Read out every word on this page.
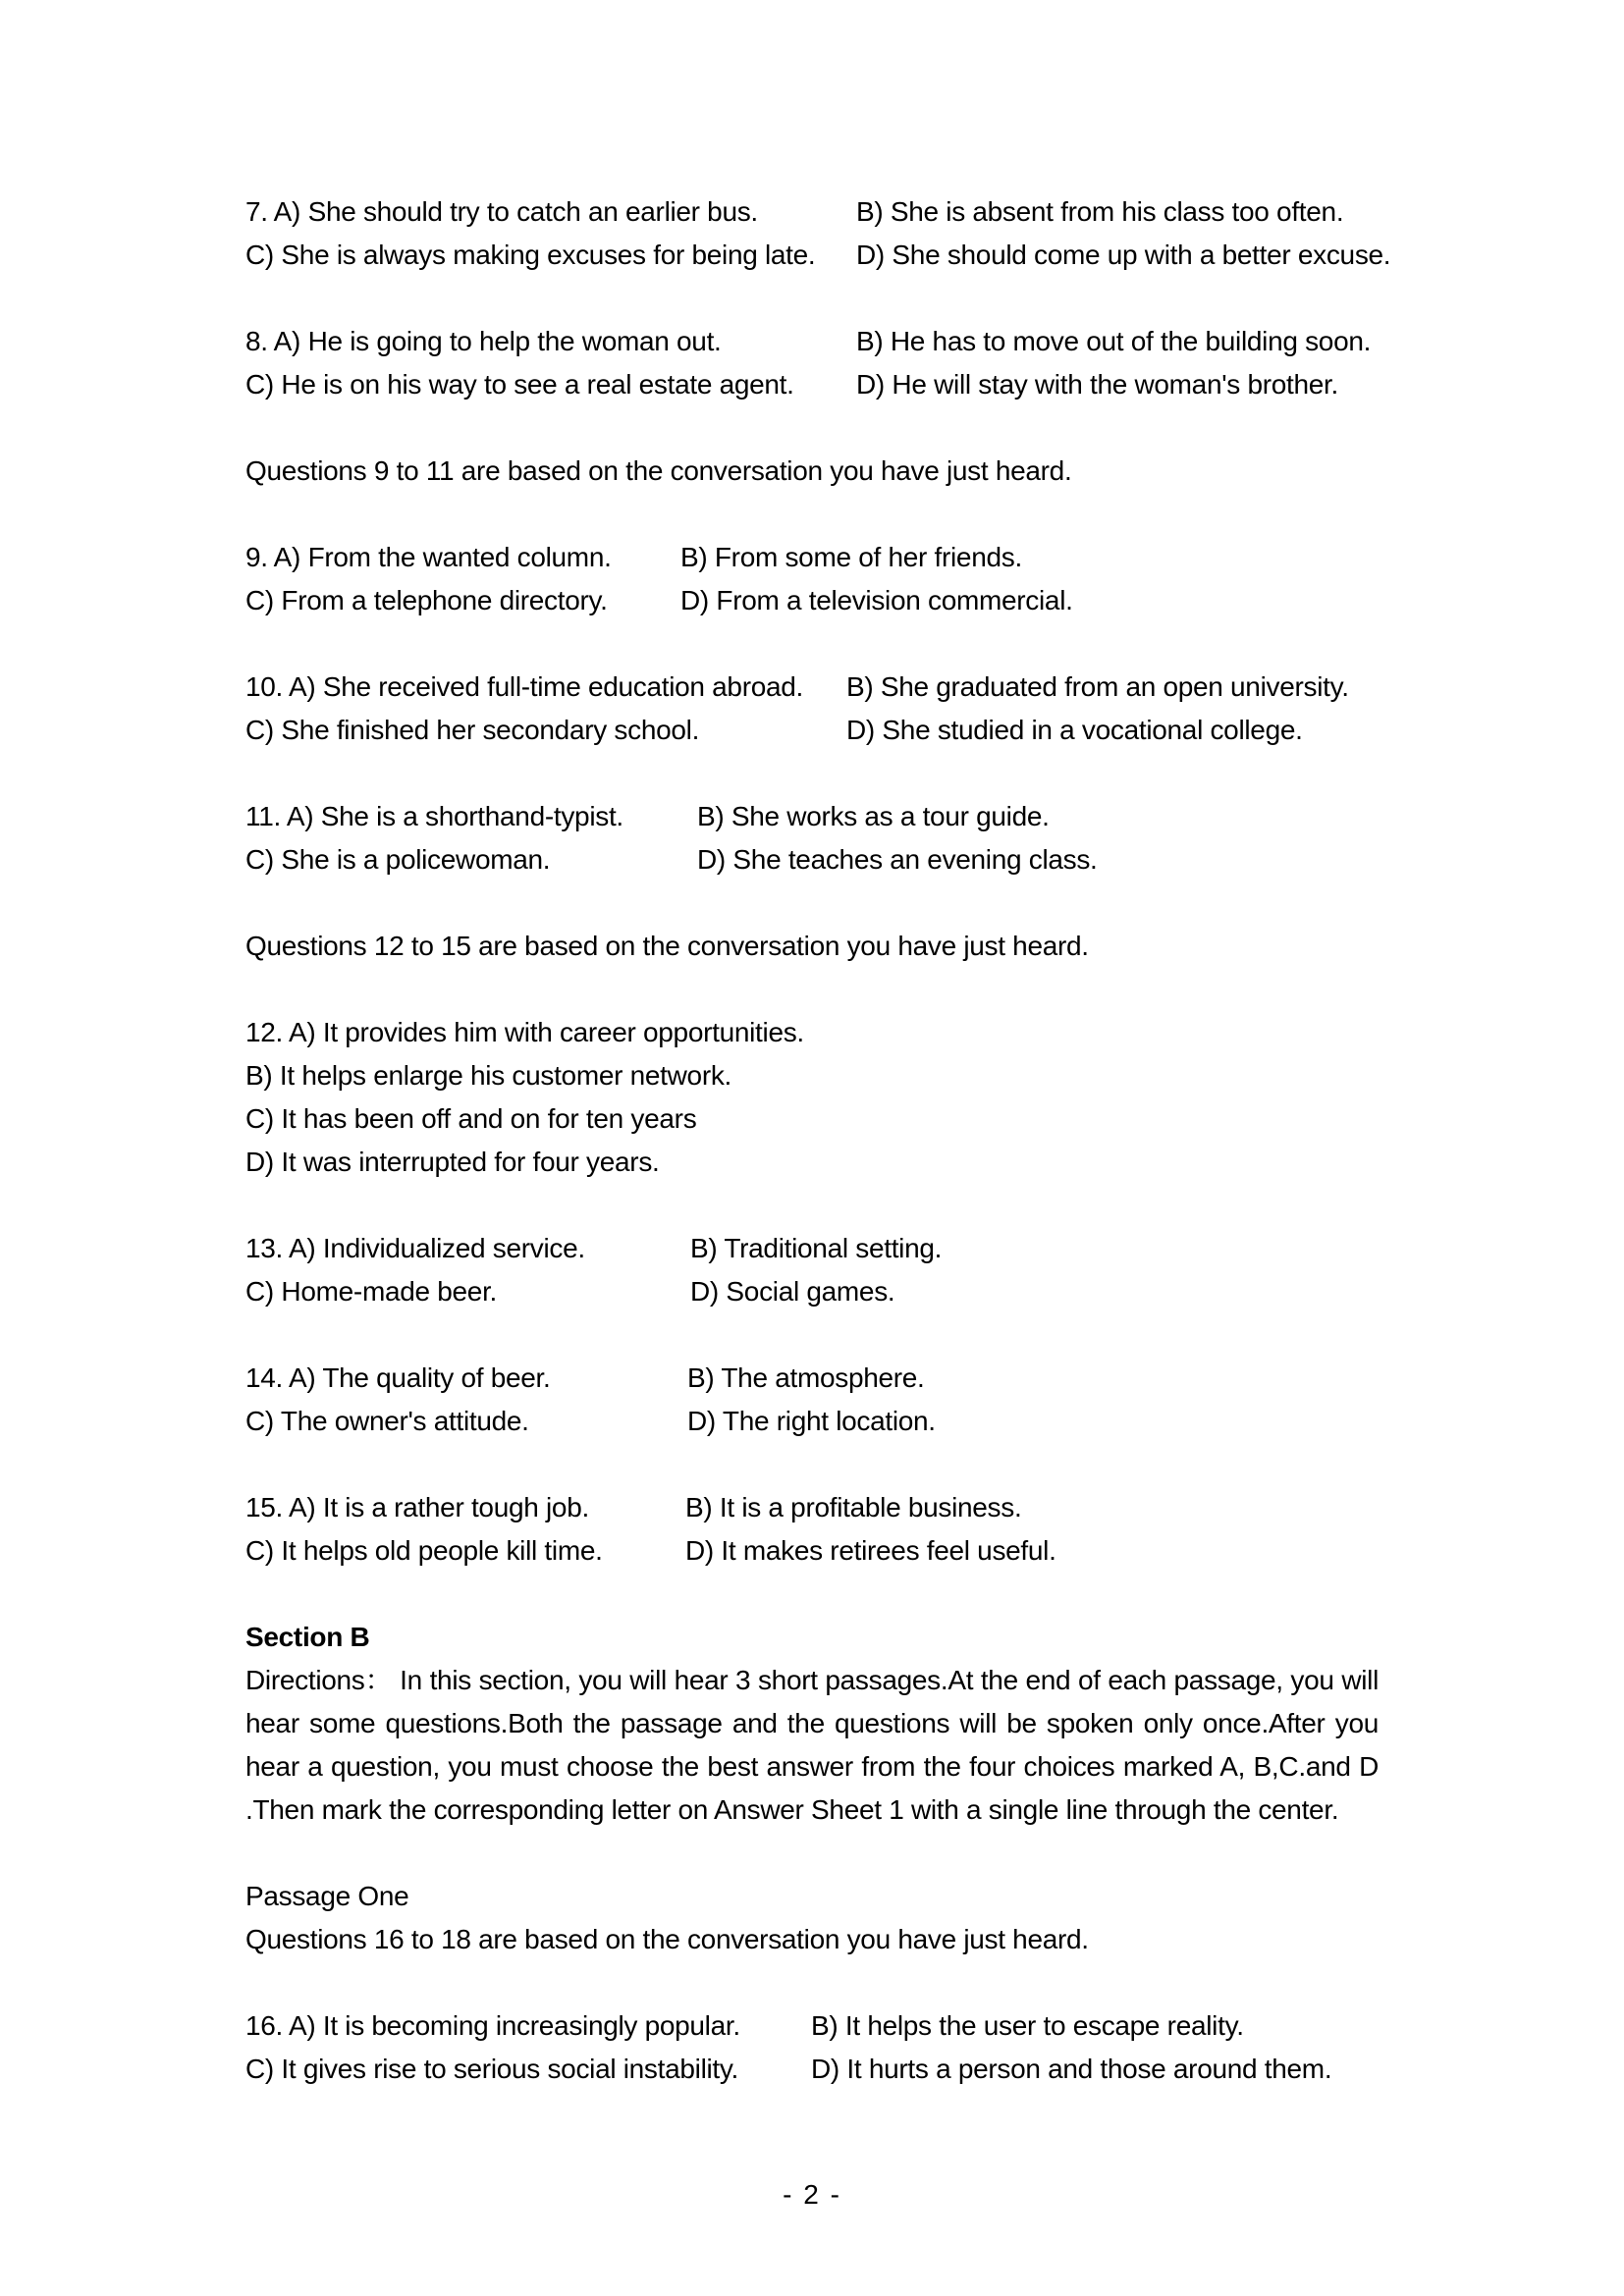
7. A) She should try to catch an earlier bus.	B) She is absent from his class too often.
C) She is always making excuses for being late.	D) She should come up with a better excuse.
8. A) He is going to help the woman out.	B) He has to move out of the building soon.
C) He is on his way to see a real estate agent.	D) He will stay with the woman's brother.
Questions 9 to 11 are based on the conversation you have just heard.
9. A) From the wanted column.	B) From some of her friends.
C) From a telephone directory.	D) From a television commercial.
10. A) She received full-time education abroad.	B) She graduated from an open university.
C) She finished her secondary school.	D) She studied in a vocational college.
11. A) She is a shorthand-typist.	B) She works as a tour guide.
C) She is a policewoman.	D) She teaches an evening class.
Questions 12 to 15 are based on the conversation you have just heard.
12. A) It provides him with career opportunities.
B) It helps enlarge his customer network.
C) It has been off and on for ten years
D) It was interrupted for four years.
13. A) Individualized service.	B) Traditional setting.
C) Home-made beer.	D) Social games.
14. A) The quality of beer.	B) The atmosphere.
C) The owner's attitude.	D) The right location.
15. A) It is a rather tough job.	B) It is a profitable business.
C) It helps old people kill time.	D) It makes retirees feel useful.
Section B
Directions： In this section, you will hear 3 short passages.At the end of each passage, you will hear some questions.Both the passage and the questions will be spoken only once.After you hear a question, you must choose the best answer from the four choices marked A, B,C.and D .Then mark the corresponding letter on Answer Sheet 1 with a single line through the center.
Passage One
Questions 16 to 18 are based on the conversation you have just heard.
16. A) It is becoming increasingly popular.	B) It helps the user to escape reality.
C) It gives rise to serious social instability.	D) It hurts a person and those around them.
- 2 -
